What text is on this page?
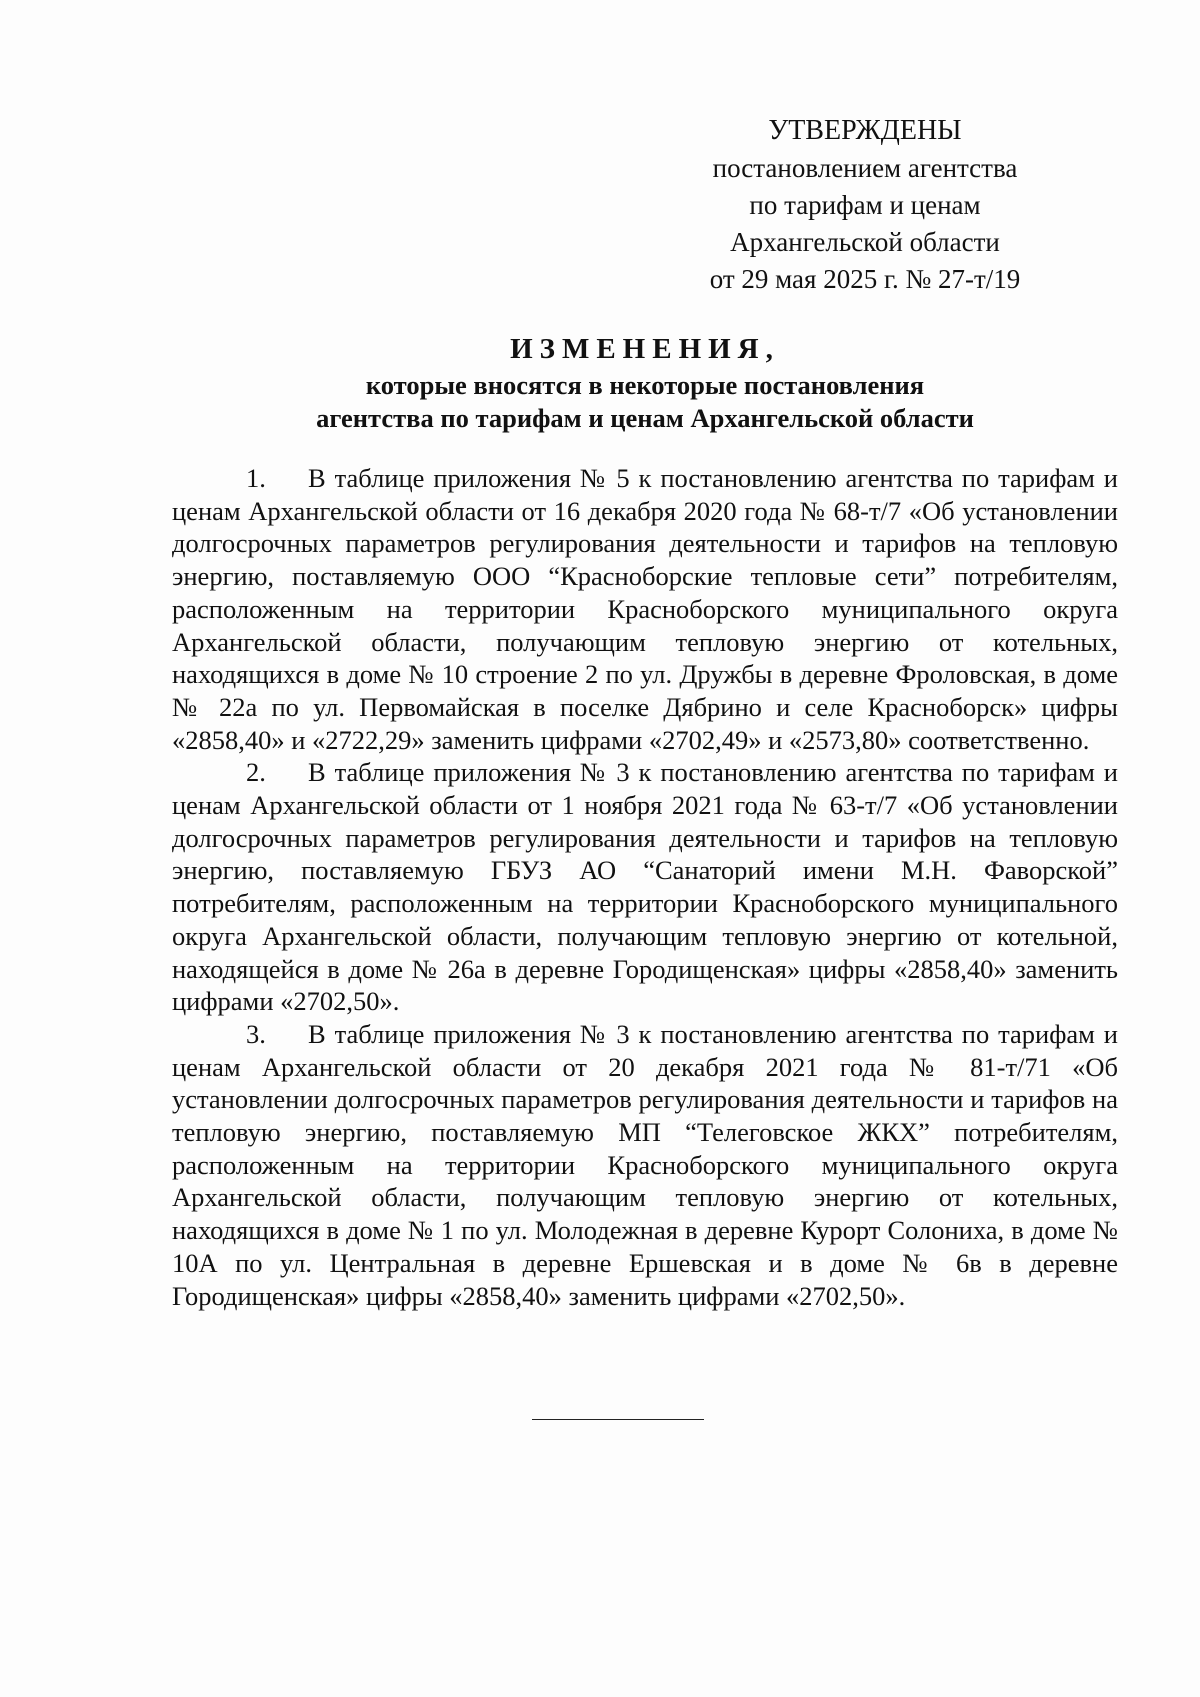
УТВЕРЖДЕНЫ
постановлением агентства
по тарифам и ценам
Архангельской области
от 29 мая 2025 г. № 27-т/19
ИЗМЕНЕНИЯ,
которые вносятся в некоторые постановления
агентства по тарифам и ценам Архангельской области

1. В таблице приложения № 5 к постановлению агентства по тарифам и ценам Архангельской области от 16 декабря 2020 года № 68-т/7 «Об установлении долгосрочных параметров регулирования деятельности и тарифов на тепловую энергию, поставляемую ООО “Красноборские тепловые сети” потребителям, расположенным на территории Красноборского муниципального округа Архангельской области, получающим тепловую энергию от котельных, находящихся в доме № 10 строение 2 по ул. Дружбы в деревне Фроловская, в доме № 22а по ул. Первомайская в поселке Дябрино и селе Красноборск» цифры «2858,40» и «2722,29» заменить цифрами «2702,49» и «2573,80» соответственно.

2. В таблице приложения № 3 к постановлению агентства по тарифам и ценам Архангельской области от 1 ноября 2021 года № 63-т/7 «Об установлении долгосрочных параметров регулирования деятельности и тарифов на тепловую энергию, поставляемую ГБУЗ АО “Санаторий имени М.Н. Фаворской” потребителям, расположенным на территории Красноборского муниципального округа Архангельской области, получающим тепловую энергию от котельной, находящейся в доме № 26а в деревне Городищенская» цифры «2858,40» заменить цифрами «2702,50».

3. В таблице приложения № 3 к постановлению агентства по тарифам и ценам Архангельской области от 20 декабря 2021 года № 81-т/71 «Об установлении долгосрочных параметров регулирования деятельности и тарифов на тепловую энергию, поставляемую МП “Телеговское ЖКХ” потребителям, расположенным на территории Красноборского муниципального округа Архангельской области, получающим тепловую энергию от котельных, находящихся в доме № 1 по ул. Молодежная в деревне Курорт Солониха, в доме № 10А по ул. Центральная в деревне Ершевская и в доме № 6в в деревне Городищенская» цифры «2858,40» заменить цифрами «2702,50».
